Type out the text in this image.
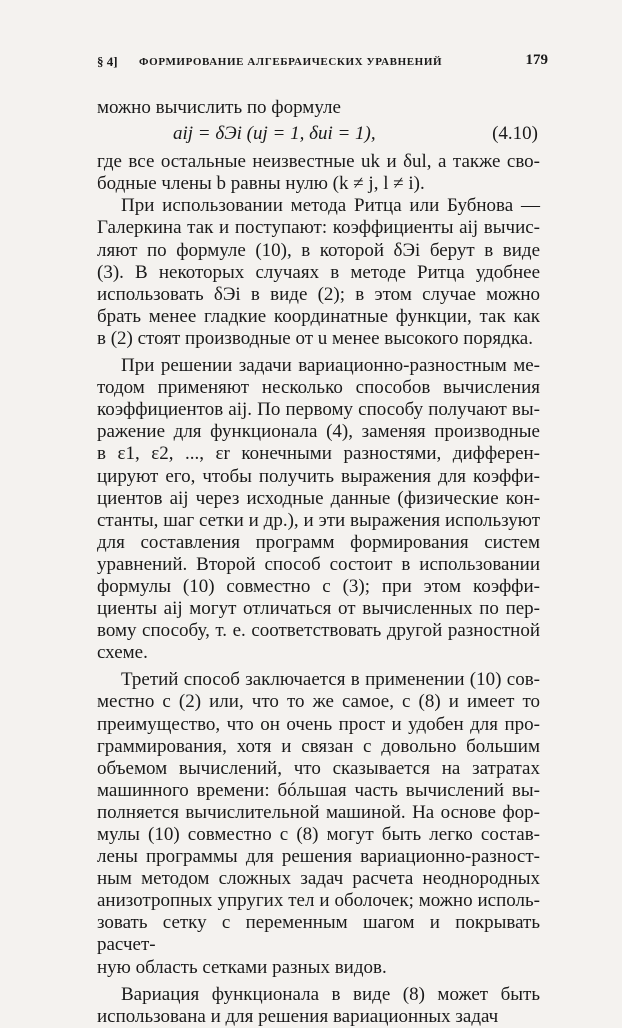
§ 4] ФОРМИРОВАНИЕ АЛГЕБРАИЧЕСКИХ УРАВНЕНИЙ	179

можно вычислить по формуле

aij = δЭi (uj = 1, δui = 1),	(4.10)

где все остальные неизвестные uk и δul, а также сво-

бодные члены b равны нулю (k ≠ j, l ≠ i).

При использовании метода Ритца или Бубнова —

Галеркина так и поступают: коэффициенты aij вычис-

ляют по формуле (10), в которой δЭi берут в виде

(3). В некоторых случаях в методе Ритца удобнее

использовать δЭi в виде (2); в этом случае можно

брать менее гладкие координатные функции, так как

в (2) стоят производные от u менее высокого порядка.

При решении задачи вариационно-разностным ме-

тодом применяют несколько способов вычисления

коэффициентов aij. По первому способу получают вы-

ражение для функционала (4), заменяя производные

в ε1, ε2, ..., εr конечными разностями, дифферен-

цируют его, чтобы получить выражения для коэффи-

циентов aij через исходные данные (физические кон-

станты, шаг сетки и др.), и эти выражения используют

для составления программ формирования систем

уравнений. Второй способ состоит в использовании

формулы (10) совместно с (3); при этом коэффи-

циенты aij могут отличаться от вычисленных по пер-

вому способу, т. е. соответствовать другой разностной

схеме.

Третий способ заключается в применении (10) сов-

местно с (2) или, что то же самое, с (8) и имеет то

преимущество, что он очень прост и удобен для про-

граммирования, хотя и связан с довольно большим

объемом вычислений, что сказывается на затратах

машинного времени: бóльшая часть вычислений вы-

полняется вычислительной машиной. На основе фор-

мулы (10) совместно с (8) могут быть легко состав-

лены программы для решения вариационно-разност-

ным методом сложных задач расчета неоднородных

анизотропных упругих тел и оболочек; можно исполь-

зовать сетку с переменным шагом и покрывать расчет-

ную область сетками разных видов.

Вариация функционала в виде (8) может быть

использована и для решения вариационных задач
